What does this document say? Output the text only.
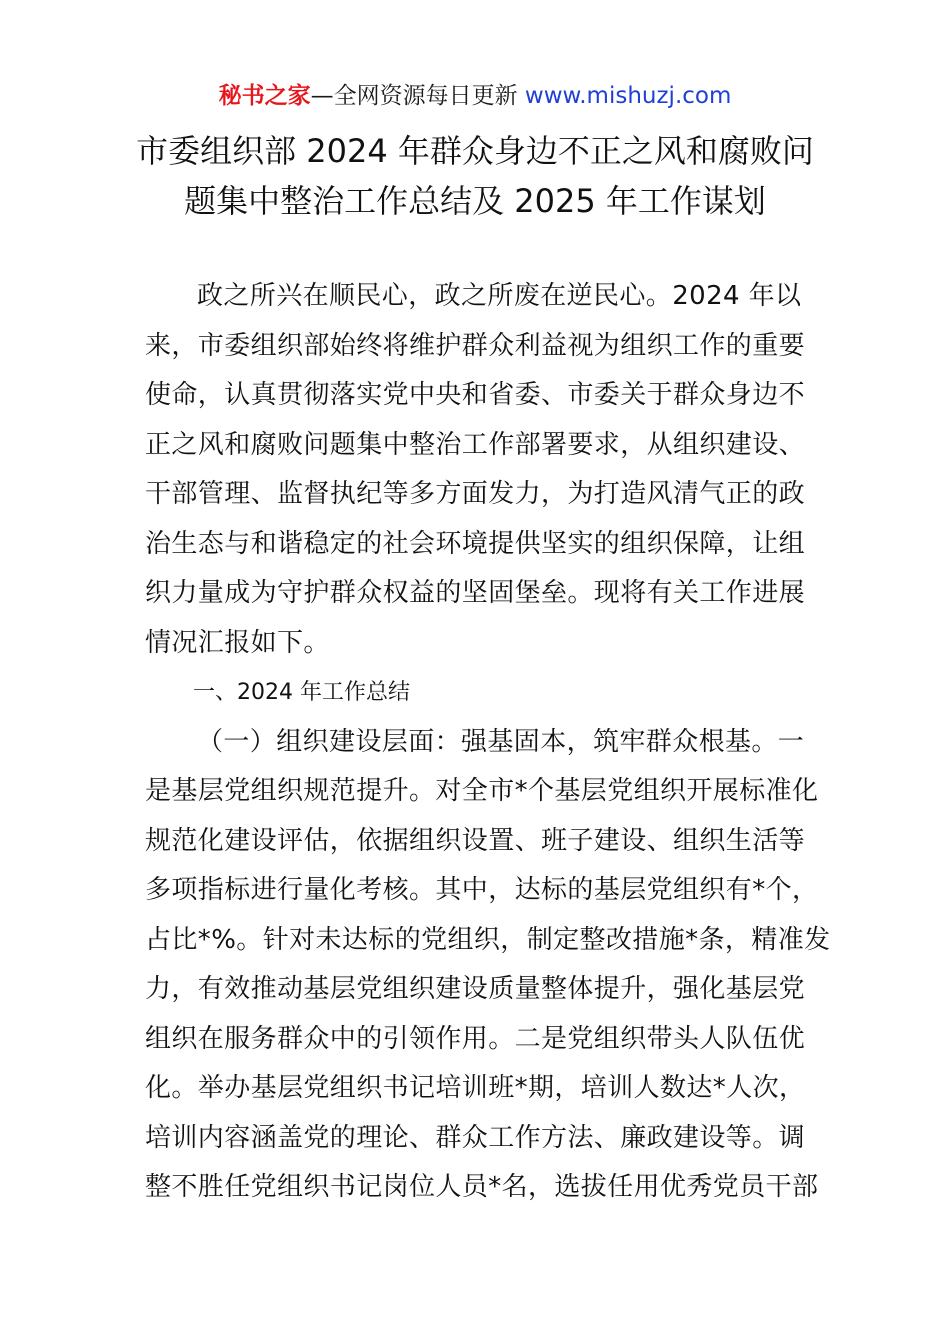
秘书之家—全网资源每日更新 www.mishuzj.com
市委组织部 2024 年群众身边不正之风和腐败问
题集中整治工作总结及 2025 年工作谋划
政之所兴在顺民心，政之所废在逆民心。2024 年以
来，市委组织部始终将维护群众利益视为组织工作的重要
使命，认真贯彻落实党中央和省委、市委关于群众身边不
正之风和腐败问题集中整治工作部署要求，从组织建设、
干部管理、监督执纪等多方面发力，为打造风清气正的政
治生态与和谐稳定的社会环境提供坚实的组织保障，让组
织力量成为守护群众权益的坚固堡垒。现将有关工作进展
情况汇报如下。
一、2024 年工作总结
（一）组织建设层面：强基固本，筑牢群众根基。一
是基层党组织规范提升。对全市*个基层党组织开展标准化
规范化建设评估，依据组织设置、班子建设、组织生活等
多项指标进行量化考核。其中，达标的基层党组织有*个，
占比*%。针对未达标的党组织，制定整改措施*条，精准发
力，有效推动基层党组织建设质量整体提升，强化基层党
组织在服务群众中的引领作用。二是党组织带头人队伍优
化。举办基层党组织书记培训班*期，培训人数达*人次，
培训内容涵盖党的理论、群众工作方法、廉政建设等。调
整不胜任党组织书记岗位人员*名，选拔任用优秀党员干部
